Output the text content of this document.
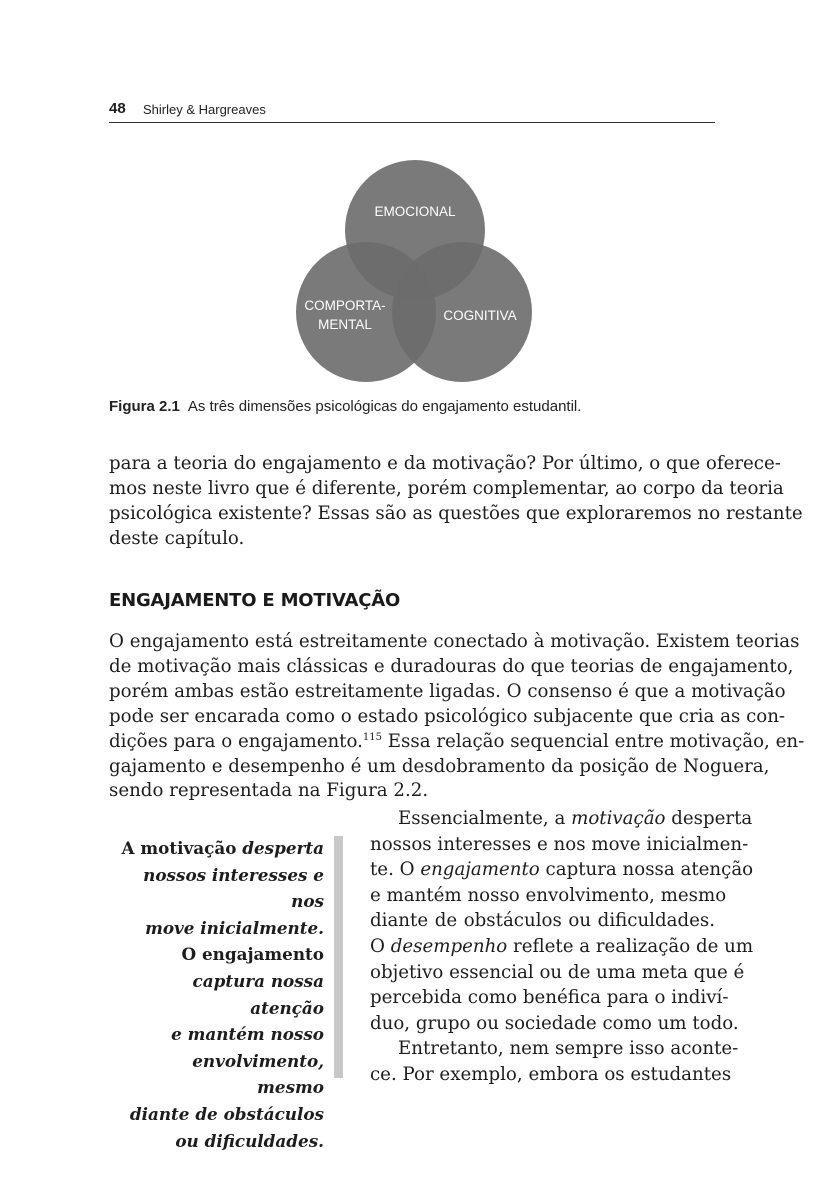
48 Shirley & Hargreaves
EMOCIONAL
COMPORTA-
MENTAL
COGNITIVA
Figura 2.1 As três dimensões psicológicas do engajamento estudantil.
para a teoria do engajamento e da motivação? Por último, o que oferece-
mos neste livro que é diferente, porém complementar, ao corpo da teoria
psicológica existente? Essas são as questões que exploraremos no restante
deste capítulo.
ENGAJAMENTO E MOTIVAÇÃO
O engajamento está estreitamente conectado à motivação. Existem teorias
de motivação mais clássicas e duradouras do que teorias de engajamento,
porém ambas estão estreitamente ligadas. O consenso é que a motivação
pode ser encarada como o estado psicológico subjacente que cria as con-
dições para o engajamento.$^{115}$ Essa relação sequencial entre motivação, en-
gajamento e desempenho é um desdobramento da posição de Noguera,
sendo representada na Figura 2.2.
A motivação desperta
nossos interesses e nos
move inicialmente.
O engajamento
captura nossa atenção
e mantém nosso
envolvimento, mesmo
diante de obstáculos
ou dificuldades.
Essencialmente, a motivação desperta
nossos interesses e nos move inicialmen-
te. O engajamento captura nossa atenção
e mantém nosso envolvimento, mesmo
diante de obstáculos ou dificuldades.
O desempenho reflete a realização de um
objetivo essencial ou de uma meta que é
percebida como benéfica para o indiví-
duo, grupo ou sociedade como um todo.
Entretanto, nem sempre isso aconte-
ce. Por exemplo, embora os estudantes
